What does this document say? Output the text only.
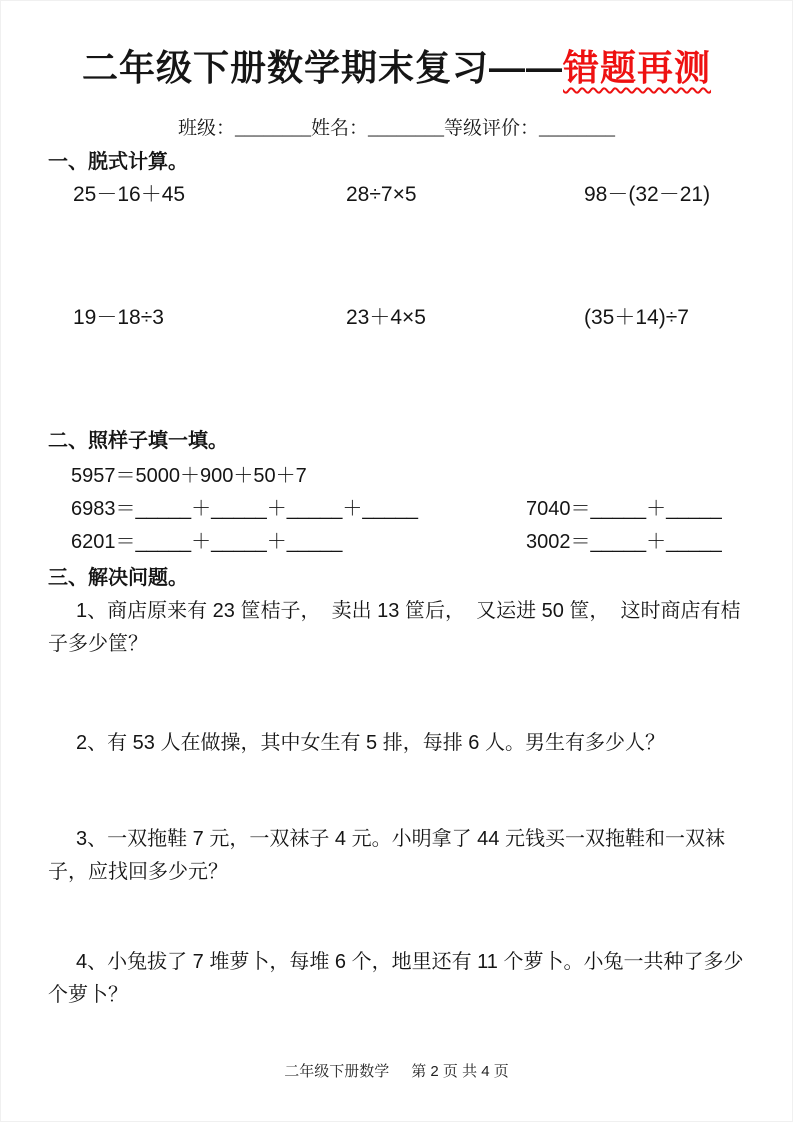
二年级下册数学期末复习——错题再测
班级：________姓名：________等级评价：________
一、脱式计算。
25－16＋45	28÷7×5	98－(32－21)
19－18÷3	23＋4×5	(35＋14)÷7
二、照样子填一填。
5957＝5000＋900＋50＋7
6983＝_____＋_____＋_____＋_____	7040＝_____＋_____
6201＝_____＋_____＋_____	3002＝_____＋_____
三、解决问题。

1、商店原来有 23 筐桔子，  卖出 13 筐后，  又运进 50 筐，  这时商店有桔子多少筐？

2、有 53 人在做操，其中女生有 5 排，每排 6 人。男生有多少人？

3、一双拖鞋 7 元，一双袜子 4 元。小明拿了 44 元钱买一双拖鞋和一双袜子，应找回多少元？

4、小兔拔了 7 堆萝卜，每堆 6 个，地里还有 11 个萝卜。小兔一共种了多少个萝卜？

二年级下册数学 第 2 页 共 4 页
